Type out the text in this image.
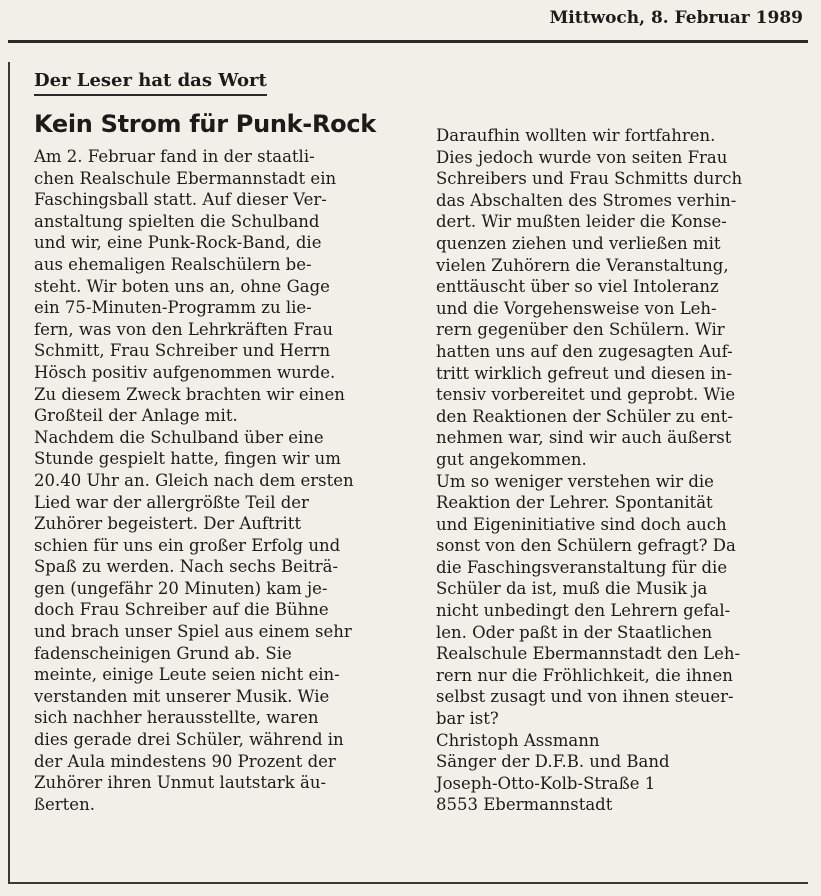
Mittwoch, 8. Februar 1989
Der Leser hat das Wort
Kein Strom für Punk-Rock

Am 2. Februar fand in der staatli-
chen Realschule Ebermannstadt ein
Faschingsball statt. Auf dieser Ver-
anstaltung spielten die Schulband
und wir, eine Punk-Rock-Band, die
aus ehemaligen Realschülern be-
steht. Wir boten uns an, ohne Gage
ein 75-Minuten-Programm zu lie-
fern, was von den Lehrkräften Frau
Schmitt, Frau Schreiber und Herrn
Hösch positiv aufgenommen wurde.
Zu diesem Zweck brachten wir einen
Großteil der Anlage mit.

Nachdem die Schulband über eine
Stunde gespielt hatte, fingen wir um
20.40 Uhr an. Gleich nach dem ersten
Lied war der allergrößte Teil der
Zuhörer begeistert. Der Auftritt
schien für uns ein großer Erfolg und
Spaß zu werden. Nach sechs Beiträ-
gen (ungefähr 20 Minuten) kam je-
doch Frau Schreiber auf die Bühne
und brach unser Spiel aus einem sehr
fadenscheinigen Grund ab. Sie
meinte, einige Leute seien nicht ein-
verstanden mit unserer Musik. Wie
sich nachher herausstellte, waren
dies gerade drei Schüler, während in
der Aula mindestens 90 Prozent der
Zuhörer ihren Unmut lautstark äu-
ßerten.

Daraufhin wollten wir fortfahren.
Dies jedoch wurde von seiten Frau
Schreibers und Frau Schmitts durch
das Abschalten des Stromes verhin-
dert. Wir mußten leider die Konse-
quenzen ziehen und verließen mit
vielen Zuhörern die Veranstaltung,
enttäuscht über so viel Intoleranz
und die Vorgehensweise von Leh-
rern gegenüber den Schülern. Wir
hatten uns auf den zugesagten Auf-
tritt wirklich gefreut und diesen in-
tensiv vorbereitet und geprobt. Wie
den Reaktionen der Schüler zu ent-
nehmen war, sind wir auch äußerst
gut angekommen.

Um so weniger verstehen wir die
Reaktion der Lehrer. Spontanität
und Eigeninitiative sind doch auch
sonst von den Schülern gefragt? Da
die Faschingsveranstaltung für die
Schüler da ist, muß die Musik ja
nicht unbedingt den Lehrern gefal-
len. Oder paßt in der Staatlichen
Realschule Ebermannstadt den Leh-
rern nur die Fröhlichkeit, die ihnen
selbst zusagt und von ihnen steuer-
bar ist?

Christoph Assmann
Sänger der D.F.B. und Band
Joseph-Otto-Kolb-Straße 1
8553 Ebermannstadt
